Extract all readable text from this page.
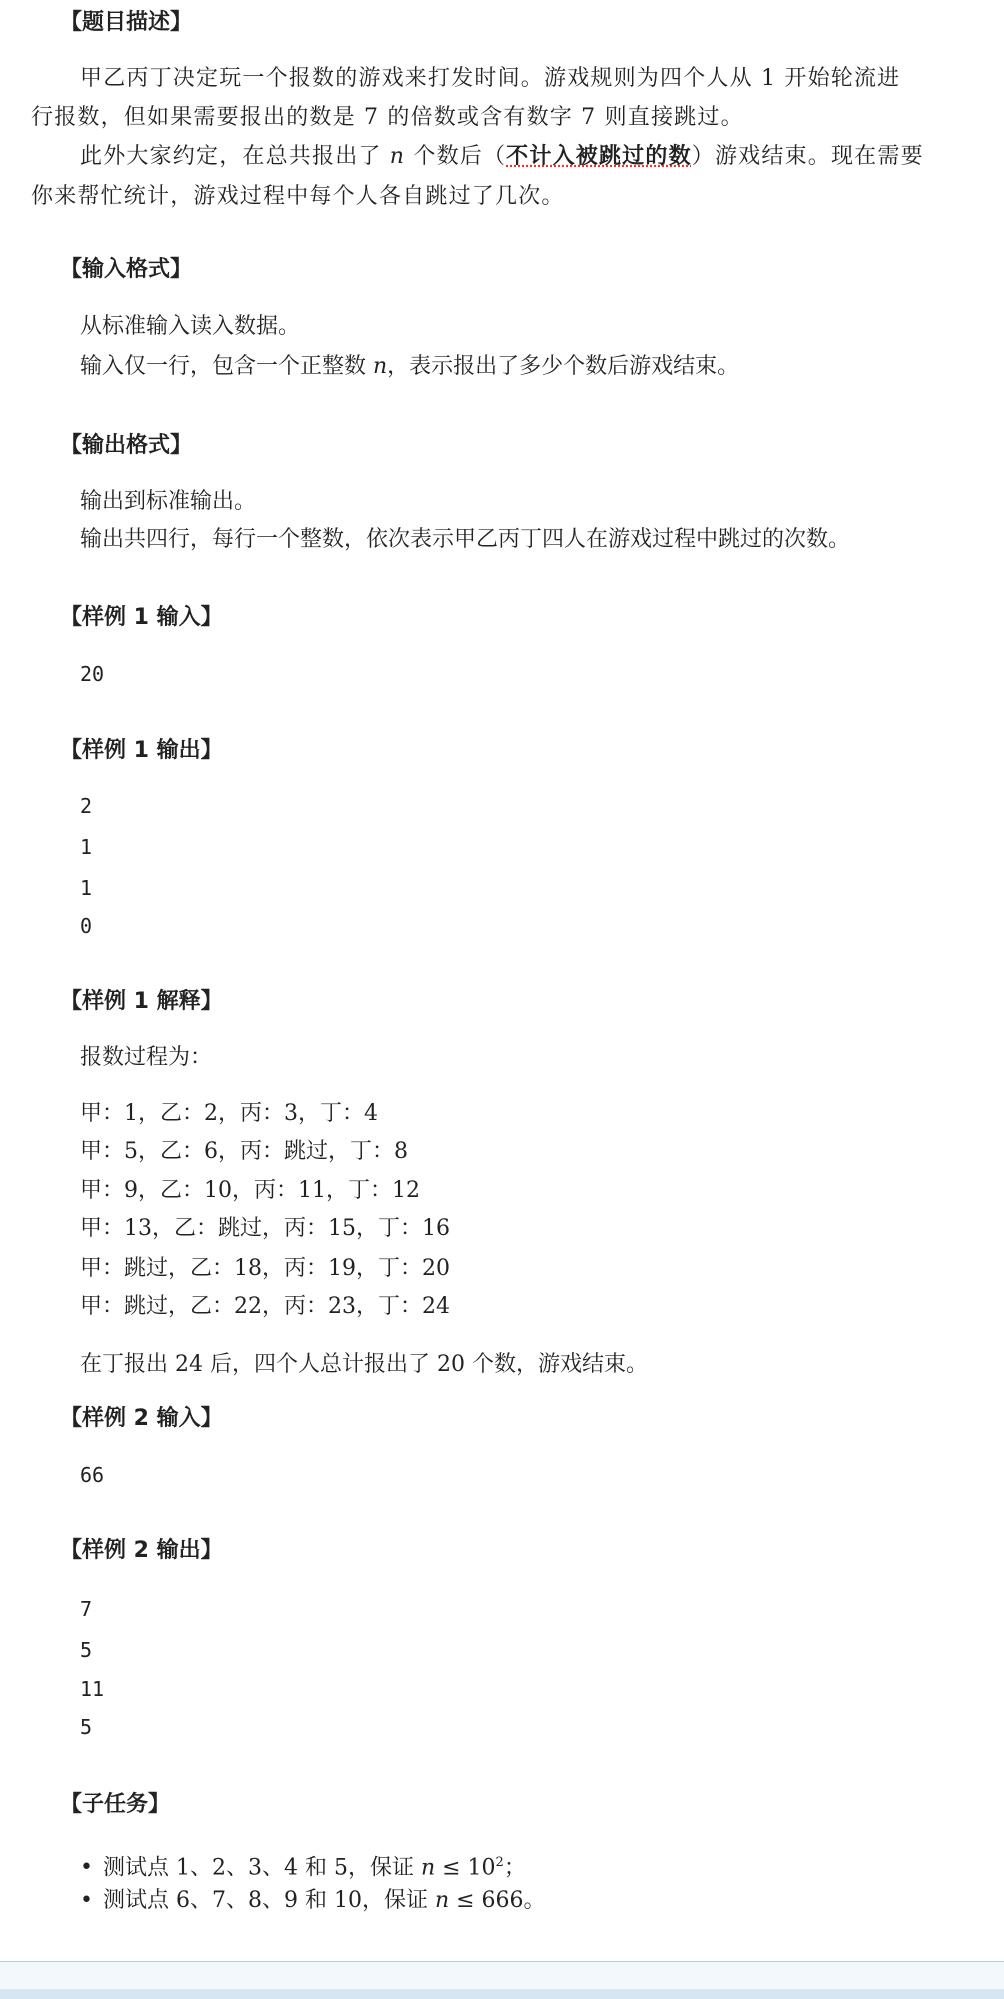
【题目描述】
甲乙丙丁决定玩一个报数的游戏来打发时间。游戏规则为四个人从 1 开始轮流进
行报数，但如果需要报出的数是 7 的倍数或含有数字 7 则直接跳过。
此外大家约定，在总共报出了 n 个数后（不计入被跳过的数）游戏结束。现在需要
你来帮忙统计，游戏过程中每个人各自跳过了几次。
【输入格式】
从标准输入读入数据。
输入仅一行，包含一个正整数 n，表示报出了多少个数后游戏结束。
【输出格式】
输出到标准输出。
输出共四行，每行一个整数，依次表示甲乙丙丁四人在游戏过程中跳过的次数。
【样例 1 输入】
20
【样例 1 输出】
2
1
1
0
【样例 1 解释】
报数过程为：
甲：1，乙：2，丙：3，丁：4
甲：5，乙：6，丙：跳过，丁：8
甲：9，乙：10，丙：11，丁：12
甲：13，乙：跳过，丙：15，丁：16
甲：跳过，乙：18，丙：19，丁：20
甲：跳过，乙：22，丙：23，丁：24
在丁报出 24 后，四个人总计报出了 20 个数，游戏结束。
【样例 2 输入】
66
【样例 2 输出】
7
5
11
5
【子任务】
• 测试点 1、2、3、4 和 5，保证 $n \le 10^2$；
• 测试点 6、7、8、9 和 10，保证 n ≤ 666。
